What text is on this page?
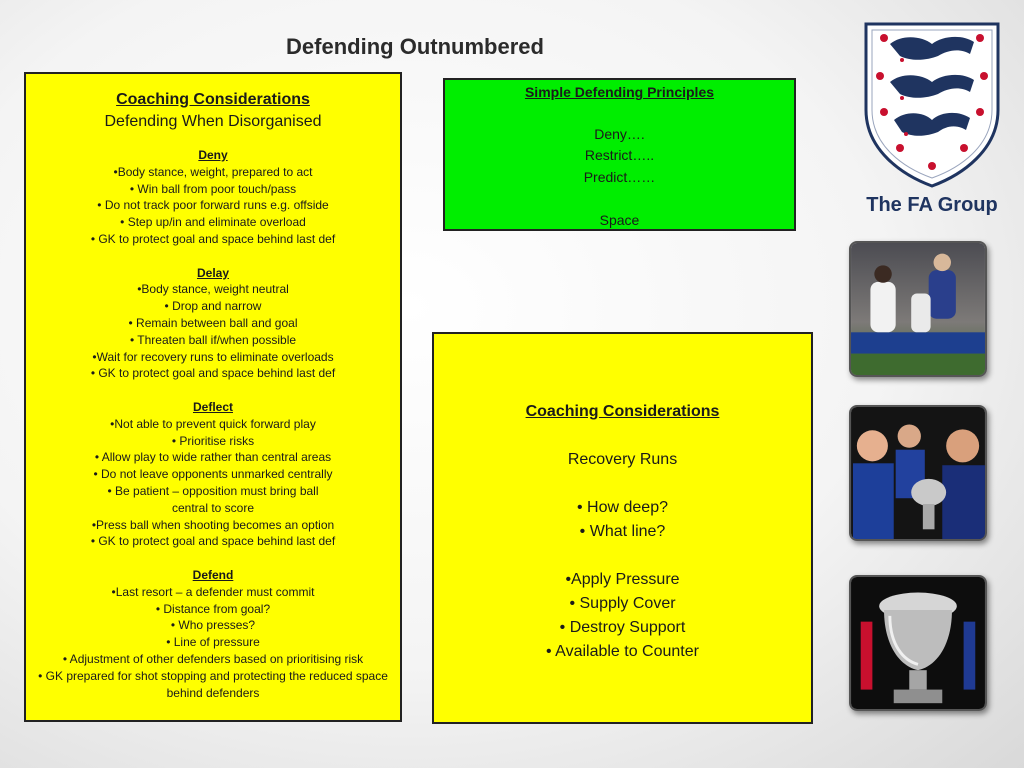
Defending Outnumbered
Coaching Considerations
Defending When Disorganised
Deny
•Body stance, weight, prepared to act
• Win ball from poor touch/pass
• Do not track poor forward runs e.g. offside
• Step up/in and eliminate overload
• GK to protect goal and space behind last def
Delay
•Body stance, weight neutral
• Drop and narrow
• Remain between ball and goal
• Threaten ball if/when possible
•Wait for recovery runs to eliminate overloads
• GK to protect goal and space behind last def
Deflect
•Not able to prevent quick forward play
• Prioritise risks
• Allow play to wide rather than central areas
• Do not leave opponents unmarked centrally
• Be patient – opposition must bring ball
central to score
•Press ball when shooting becomes an option
• GK to protect goal and space behind last def
Defend
•Last resort – a defender must commit
• Distance from goal?
• Who presses?
• Line of pressure
• Adjustment of other defenders based on prioritising risk
• GK prepared for shot stopping and protecting the reduced space
behind defenders
Simple Defending Principles
Deny….
Restrict…..
Predict……
Space
Coaching Considerations
Recovery Runs
• How deep?
• What line?
•Apply Pressure
• Supply Cover
• Destroy Support
• Available to Counter
The FA Group
